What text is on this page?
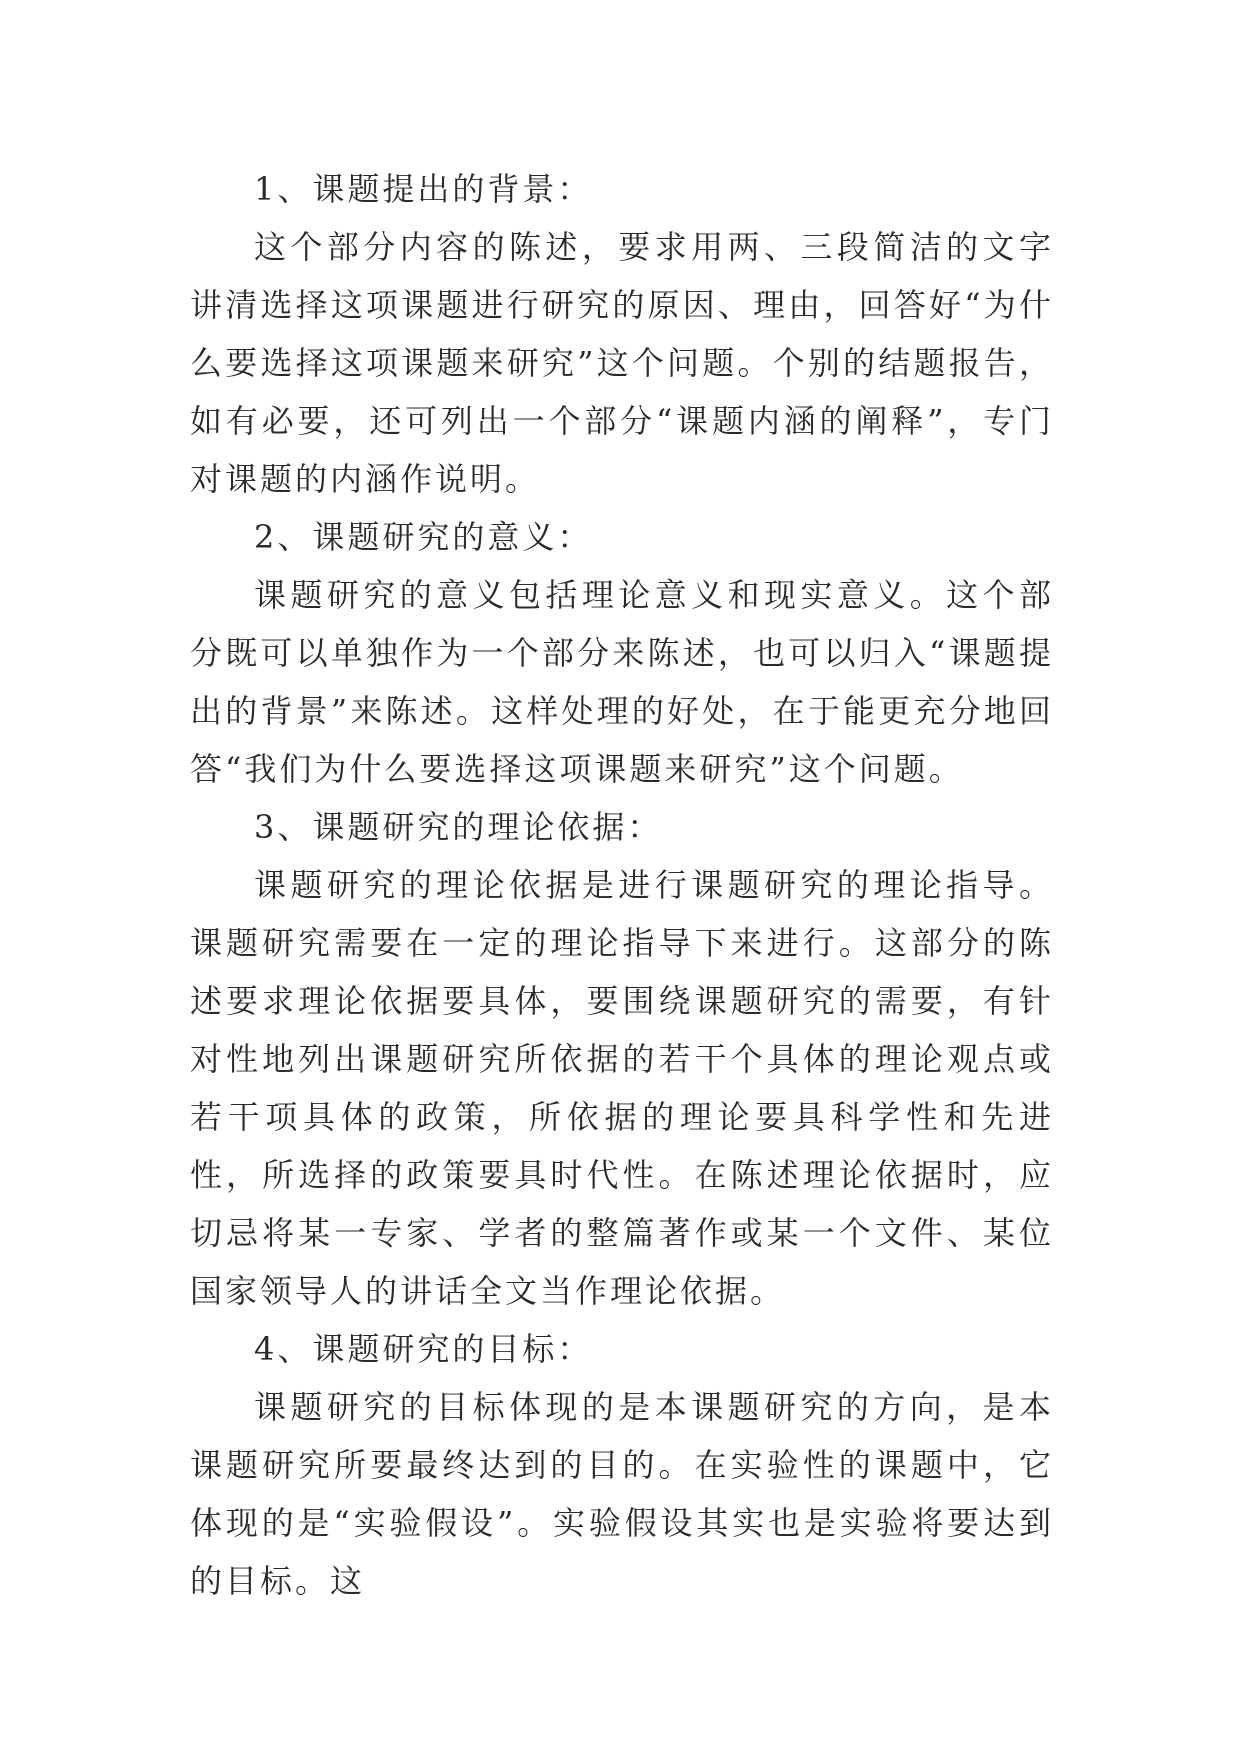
1、课题提出的背景：

这个部分内容的陈述，要求用两、三段简洁的文字讲清选择这项课题进行研究的原因、理由，回答好“为什么要选择这项课题来研究”这个问题。个别的结题报告，如有必要，还可列出一个部分“课题内涵的阐释”，专门对课题的内涵作说明。

2、课题研究的意义：

课题研究的意义包括理论意义和现实意义。这个部分既可以单独作为一个部分来陈述，也可以归入“课题提出的背景”来陈述。这样处理的好处，在于能更充分地回答“我们为什么要选择这项课题来研究”这个问题。

3、课题研究的理论依据：

课题研究的理论依据是进行课题研究的理论指导。课题研究需要在一定的理论指导下来进行。这部分的陈述要求理论依据要具体，要围绕课题研究的需要，有针对性地列出课题研究所依据的若干个具体的理论观点或若干项具体的政策，所依据的理论要具科学性和先进性，所选择的政策要具时代性。在陈述理论依据时，应切忌将某一专家、学者的整篇著作或某一个文件、某位国家领导人的讲话全文当作理论依据。

4、课题研究的目标：

课题研究的目标体现的是本课题研究的方向，是本课题研究所要最终达到的目的。在实验性的课题中，它体现的是“实验假设”。实验假设其实也是实验将要达到的目标。这
